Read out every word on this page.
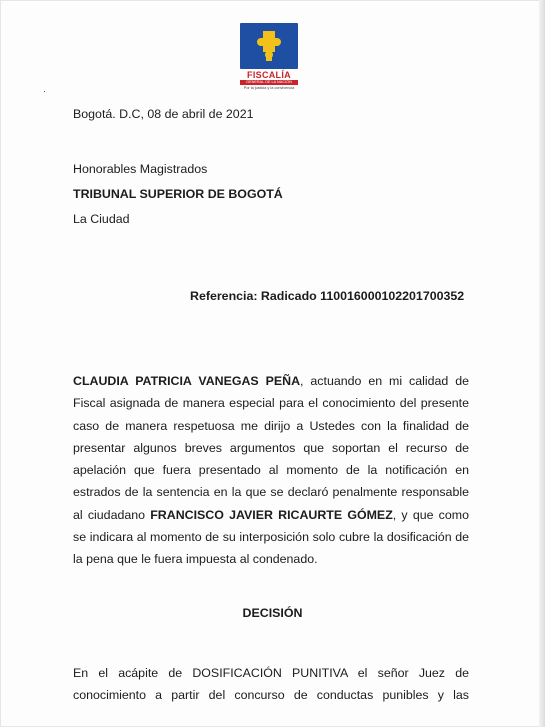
FISCALÍA
GENERAL DE LA NACIÓN
Por la justicia y la convivencia
Bogotá. D.C, 08 de abril de 2021
Honorables Magistrados
TRIBUNAL SUPERIOR DE BOGOTÁ
La Ciudad
Referencia: Radicado 110016000102201700352
CLAUDIA PATRICIA VANEGAS PEÑA, actuando en mi calidad de
Fiscal asignada de manera especial para el conocimiento del presente
caso de manera respetuosa me dirijo a Ustedes con la finalidad de
presentar algunos breves argumentos que soportan el recurso de
apelación que fuera presentado al momento de la notificación en
estrados de la sentencia en la que se declaró penalmente responsable
al ciudadano FRANCISCO JAVIER RICAURTE GÓMEZ, y que como
se indicara al momento de su interposición solo cubre la dosificación de
la pena que le fuera impuesta al condenado.
DECISIÓN
En el acápite de DOSIFICACIÓN PUNITIVA el señor Juez de
conocimiento a partir del concurso de conductas punibles y las
